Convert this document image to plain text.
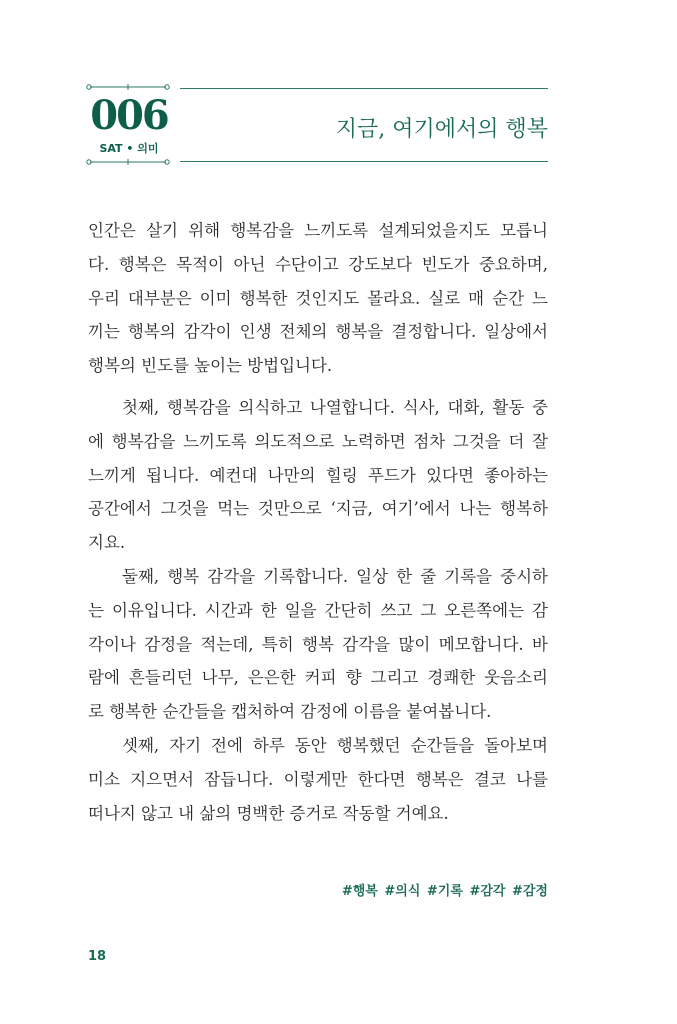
006
SAT • 의미
지금, 여기에서의 행복
인간은 살기 위해 행복감을 느끼도록 설계되었을지도 모릅니
다. 행복은 목적이 아닌 수단이고 강도보다 빈도가 중요하며,
우리 대부분은 이미 행복한 것인지도 몰라요. 실로 매 순간 느
끼는 행복의 감각이 인생 전체의 행복을 결정합니다. 일상에서
행복의 빈도를 높이는 방법입니다.
첫째, 행복감을 의식하고 나열합니다. 식사, 대화, 활동 중
에 행복감을 느끼도록 의도적으로 노력하면 점차 그것을 더 잘
느끼게 됩니다. 예컨대 나만의 힐링 푸드가 있다면 좋아하는
공간에서 그것을 먹는 것만으로 ‘지금, 여기’에서 나는 행복하
지요.
둘째, 행복 감각을 기록합니다. 일상 한 줄 기록을 중시하
는 이유입니다. 시간과 한 일을 간단히 쓰고 그 오른쪽에는 감
각이나 감정을 적는데, 특히 행복 감각을 많이 메모합니다. 바
람에 흔들리던 나무, 은은한 커피 향 그리고 경쾌한 웃음소리
로 행복한 순간들을 캡처하여 감정에 이름을 붙여봅니다.
셋째, 자기 전에 하루 동안 행복했던 순간들을 돌아보며
미소 지으면서 잠듭니다. 이렇게만 한다면 행복은 결코 나를
떠나지 않고 내 삶의 명백한 증거로 작동할 거예요.
#행복 #의식 #기록 #감각 #감정
18
